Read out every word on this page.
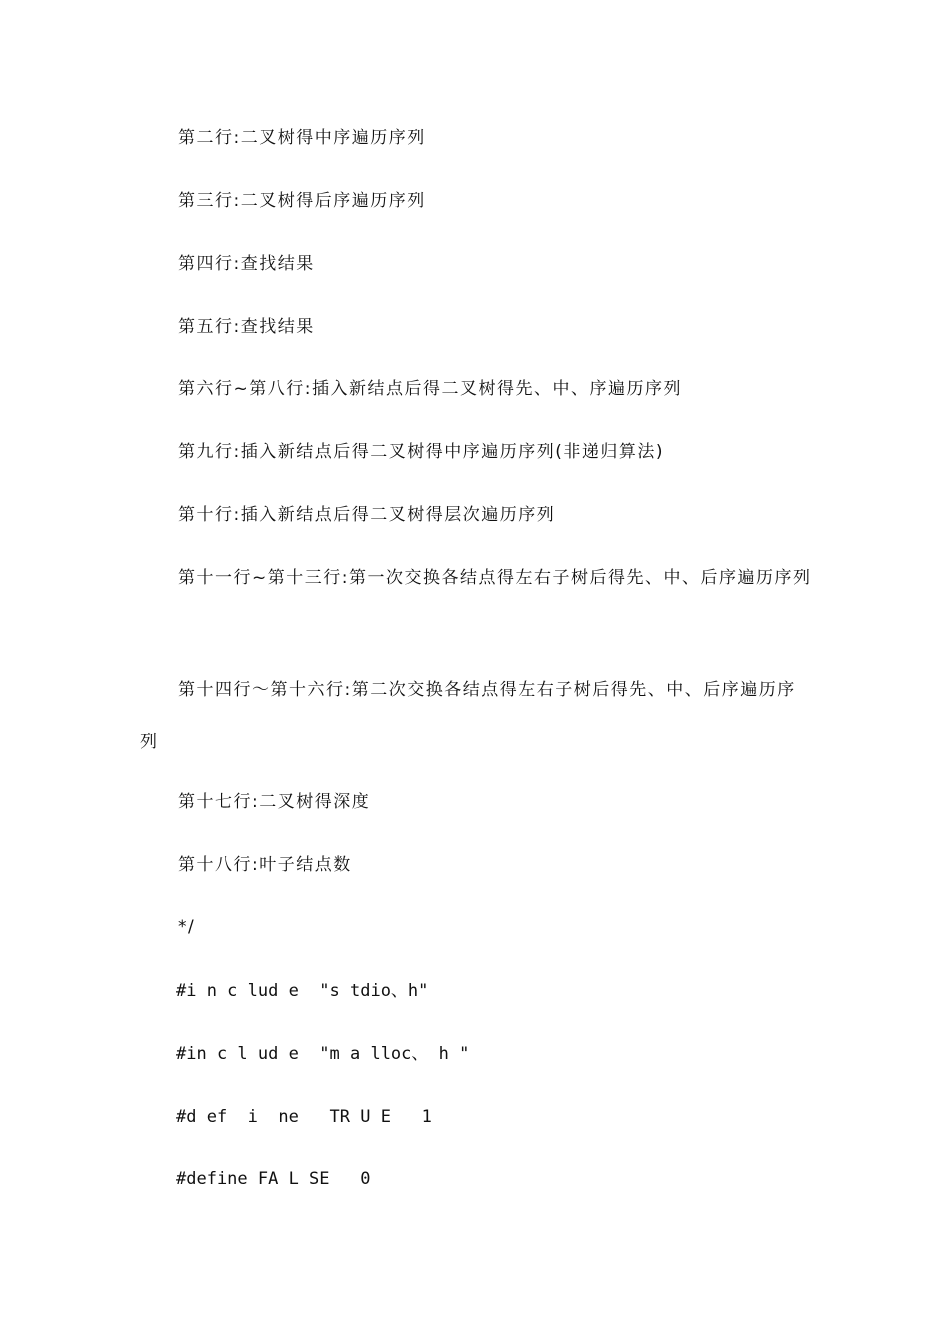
第二行:二叉树得中序遍历序列
第三行:二叉树得后序遍历序列
第四行:查找结果
第五行:查找结果
第六行~第八行:插入新结点后得二叉树得先、中、序遍历序列
第九行:插入新结点后得二叉树得中序遍历序列(非递归算法)
第十行:插入新结点后得二叉树得层次遍历序列
第十一行~第十三行:第一次交换各结点得左右子树后得先、中、后序遍历序列
第十四行～第十六行:第二次交换各结点得左右子树后得先、中、后序遍历序列
第十七行:二叉树得深度
第十八行:叶子结点数
*/
#i n c lud e  "s tdio、h"
#in c l ud e  "m a lloc、 h "
#d ef  i  ne   TR U E   1
#define FA L SE   0
